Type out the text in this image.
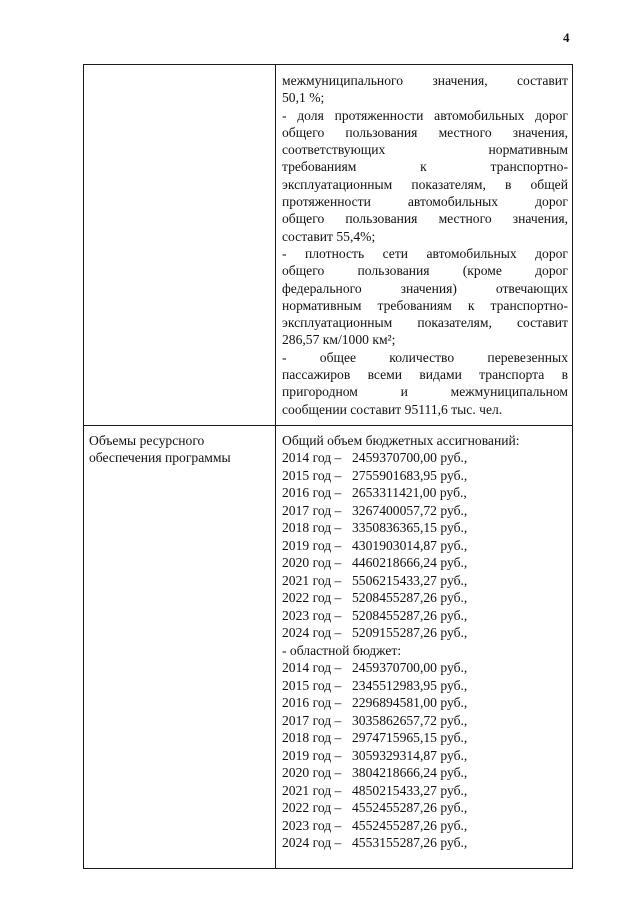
4
межмуниципального значения, составит
50,1 %;
- доля протяженности автомобильных дорог
общего пользования местного значения,
соответствующих нормативным
требованиям к транспортно-
эксплуатационным показателям, в общей
протяженности автомобильных дорог
общего пользования местного значения,
составит 55,4%;
- плотность сети автомобильных дорог
общего пользования (кроме дорог
федерального значения) отвечающих
нормативным требованиям к транспортно-
эксплуатационным показателям, составит
286,57 км/1000 км²;
- общее количество перевезенных
пассажиров всеми видами транспорта в
пригородном и межмуниципальном
сообщении составит 95111,6 тыс. чел.
Объемы ресурсного
обеспечения программы
Общий объем бюджетных ассигнований:
2014 год – 2459370700,00 руб.,
2015 год – 2755901683,95 руб.,
2016 год – 2653311421,00 руб.,
2017 год – 3267400057,72 руб.,
2018 год – 3350836365,15 руб.,
2019 год – 4301903014,87 руб.,
2020 год – 4460218666,24 руб.,
2021 год – 5506215433,27 руб.,
2022 год – 5208455287,26 руб.,
2023 год – 5208455287,26 руб.,
2024 год – 5209155287,26 руб.,
- областной бюджет:
2014 год – 2459370700,00 руб.,
2015 год – 2345512983,95 руб.,
2016 год – 2296894581,00 руб.,
2017 год – 3035862657,72 руб.,
2018 год – 2974715965,15 руб.,
2019 год – 3059329314,87 руб.,
2020 год – 3804218666,24 руб.,
2021 год – 4850215433,27 руб.,
2022 год – 4552455287,26 руб.,
2023 год – 4552455287,26 руб.,
2024 год – 4553155287,26 руб.,
